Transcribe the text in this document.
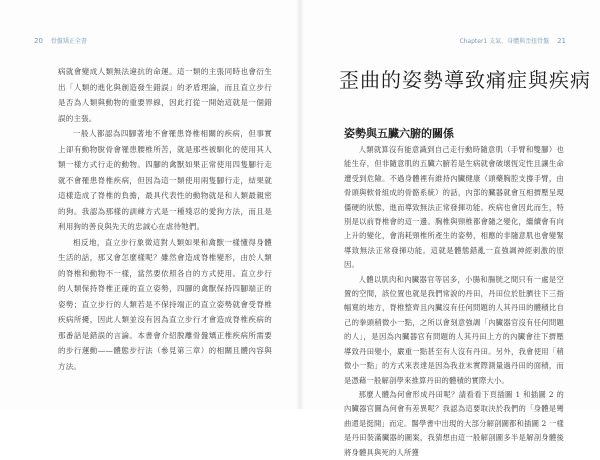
20 骨盤矯正全書

病就會變成人類無法違抗的命運。這一類的主張同時也會衍生出「人類的進化與創造發生錯誤」的矛盾理論，而且直立步行是否為人類與動物的重要界線，因此打從一開始這就是一個錯誤的主張。

一般人都認為四腳著地不會罹患脊椎相關的疾病，但事實上卻有動物脫骨會罹患腰椎所苦，就是那些被馴化的使用其人類一樣方式行走的動物。四腳的禽獸如果正常使用四隻腳行走就不會罹患脊椎疾病，但因為這一類使用兩隻腳行走，結果就這樣造成了脊椎的負擔，最具代表性的動物就是和人類最親密的狗。我認為那樣的訓練方式是一種殘忍的愛狗方法，而且是利用狗的善良與先天的忠誠心在虐待牠們。

相反地，直立步行象徵這對人類如果和禽獸一樣懂得身體生活的話，那又會怎麼樣呢？雖然會造成脊椎變形，由於人類的脊椎和動物不一樣，當然要依照各自的方式使用。直立步行的人類保持脊椎正確的直立姿勢，四腳的禽獸保持四腳端正的姿勢；直立步行的人類若是不保持端正的直立姿勢就會受脊椎疾病所擾，因此人類並沒有因為直立步行才會造成脊椎疾病的那番話是錯誤的言論。本書會介紹脫離骨盤矯正椎疾病所需要的步行運動——體態步行法（參見第三章）的相關且體內容與方法。

Chapter1 支氣、身體與歪扭骨盤 21
歪曲的姿勢導致痛症與疾病
姿勢與五臟六腑的關係

人類就算沒有能意識到自己走行動時隨意肌（手臂和雙腳）也能生存，但非隨意肌的五臟六腑若是生病就會破壞恆定性且讓生命遭受到危險。不過身體裡有維持內臟健康（頭藥胸腔支撐手臂，由骨頭與軟骨組成的骨骼系統）的話，內部的臟器就會互相擠壓呈現僵硬的狀態，進而導致無法正常發揮功能。疾病也會因此而生，特別是以前脊椎會的這一邊。胸椎與頸椎都會隨之變化，繼續會有向上升的變化，會消耗頸椎所產生的姿勢，相應的非隨意肌也會變緊導致無法正常發揮功能。這就是體態錯亂一直強調神經刺激的原因。

人體以肌肉和內臟器官等居多，小腸和腸胱之間只有一處是空置的空間，該位置也就是我們常說的丹田，丹田位於肚臍往下三指幅寬的地方，脊椎整齊且內臟沒有任何問題的人其丹田的體積比自己的拳頭稍微小一點，之所以會刻意強調「內臟器官沒有任何問題的人」，是因為內臟器官有問題的人其丹田上方的內臟會往下擠壓導致丹田變小，嚴重一點甚至有人沒有丹田。另外，我會使用「稍微小一點」的方式來表達是因為我並未實際測量過丹田的面積，而是憑藉一般解剖學來推算丹田的體積的實際大小。

那麼人體為何會形成丹田呢？請看看下頁插圖 1 和插圖 2 的內臟器官圖為何會有差異呢？我認為這要取決於我們的「身體是彎曲還是挺開」而定。醫學書中出現的大部分解剖圖都和插圖 2 一樣是丹田裝滿臟器的圖案，我猜想由這一般解剖圖多半是解剖身體後將身體具與死的人所獲
